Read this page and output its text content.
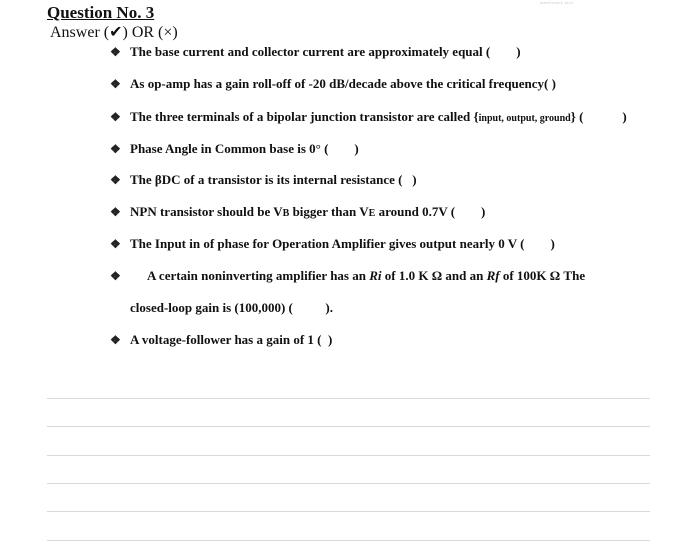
watermark text
Question No. 3
Answer (✔) OR (×)
❖ The base current and collector current are approximately equal (  )
❖ As op-amp has a gain roll-off of -20 dB/decade above the critical frequency( )
❖ The three terminals of a bipolar junction transistor are called {input, output, ground} (   )
❖ Phase Angle in Common base is 0° (  )
❖ The βDC of a transistor is its internal resistance (  )
❖ NPN transistor should be VB bigger than VE around 0.7V (  )
❖ The Input in of phase for Operation Amplifier gives output nearly 0 V (  )
❖ A certain noninverting amplifier has an Ri of 1.0 K Ω and an Rf of 100K Ω The
closed-loop gain is (100,000) (   ).
❖ A voltage-follower has a gain of 1 ( )
